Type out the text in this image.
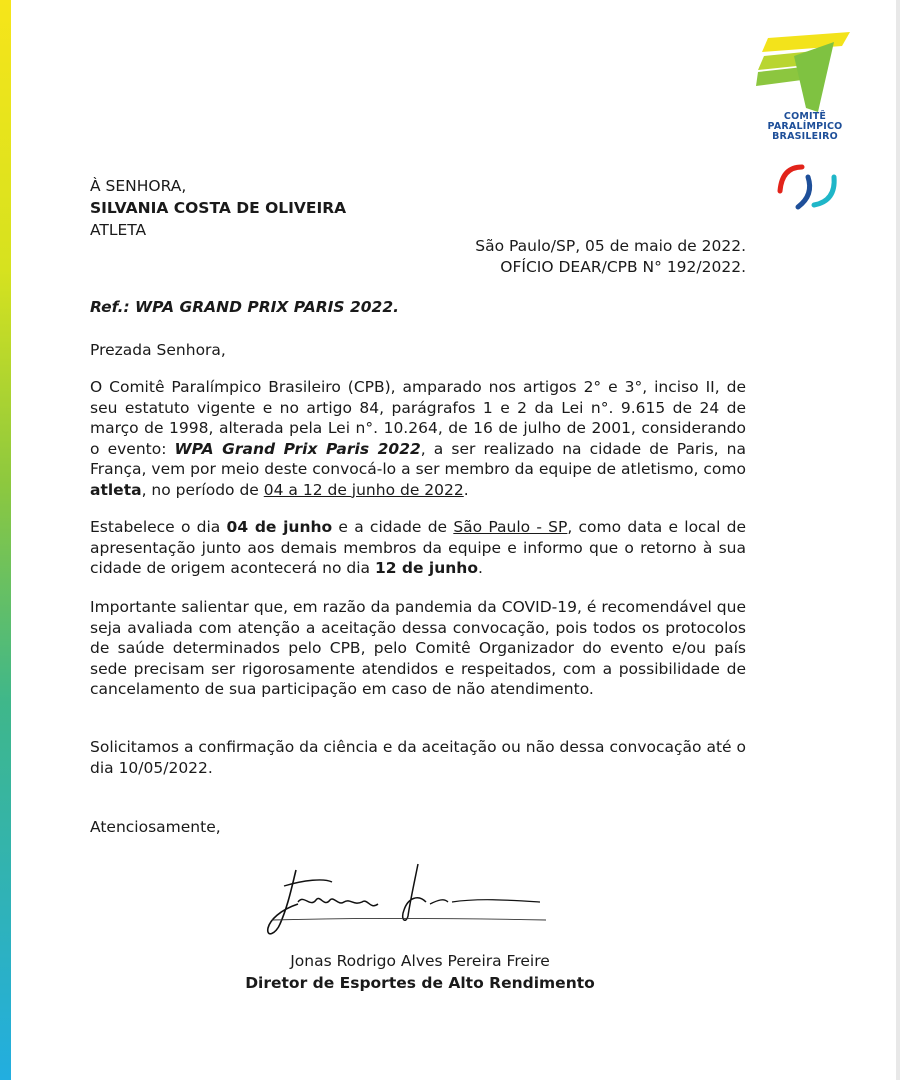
COMITÊ
PARALÍMPICO
BRASILEIRO
À SENHORA,
SILVANIA COSTA DE OLIVEIRA
ATLETA
São Paulo/SP, 05 de maio de 2022.
OFÍCIO DEAR/CPB N° 192/2022.
Ref.: WPA GRAND PRIX PARIS 2022.
Prezada Senhora,
O Comitê Paralímpico Brasileiro (CPB), amparado nos artigos 2° e 3°, inciso II, de seu estatuto vigente e no artigo 84, parágrafos 1 e 2 da Lei n°. 9.615 de 24 de março de 1998, alterada pela Lei n°. 10.264, de 16 de julho de 2001, considerando o evento: WPA Grand Prix Paris 2022, a ser realizado na cidade de Paris, na França, vem por meio deste convocá-lo a ser membro da equipe de atletismo, como atleta, no período de 04 a 12 de junho de 2022.
Estabelece o dia 04 de junho e a cidade de São Paulo - SP, como data e local de apresentação junto aos demais membros da equipe e informo que o retorno à sua cidade de origem acontecerá no dia 12 de junho.
Importante salientar que, em razão da pandemia da COVID-19, é recomendável que seja avaliada com atenção a aceitação dessa convocação, pois todos os protocolos de saúde determinados pelo CPB, pelo Comitê Organizador do evento e/ou país sede precisam ser rigorosamente atendidos e respeitados, com a possibilidade de cancelamento de sua participação em caso de não atendimento.
Solicitamos a confirmação da ciência e da aceitação ou não dessa convocação até o dia 10/05/2022.
Atenciosamente,
Jonas Rodrigo Alves Pereira Freire
Diretor de Esportes de Alto Rendimento
